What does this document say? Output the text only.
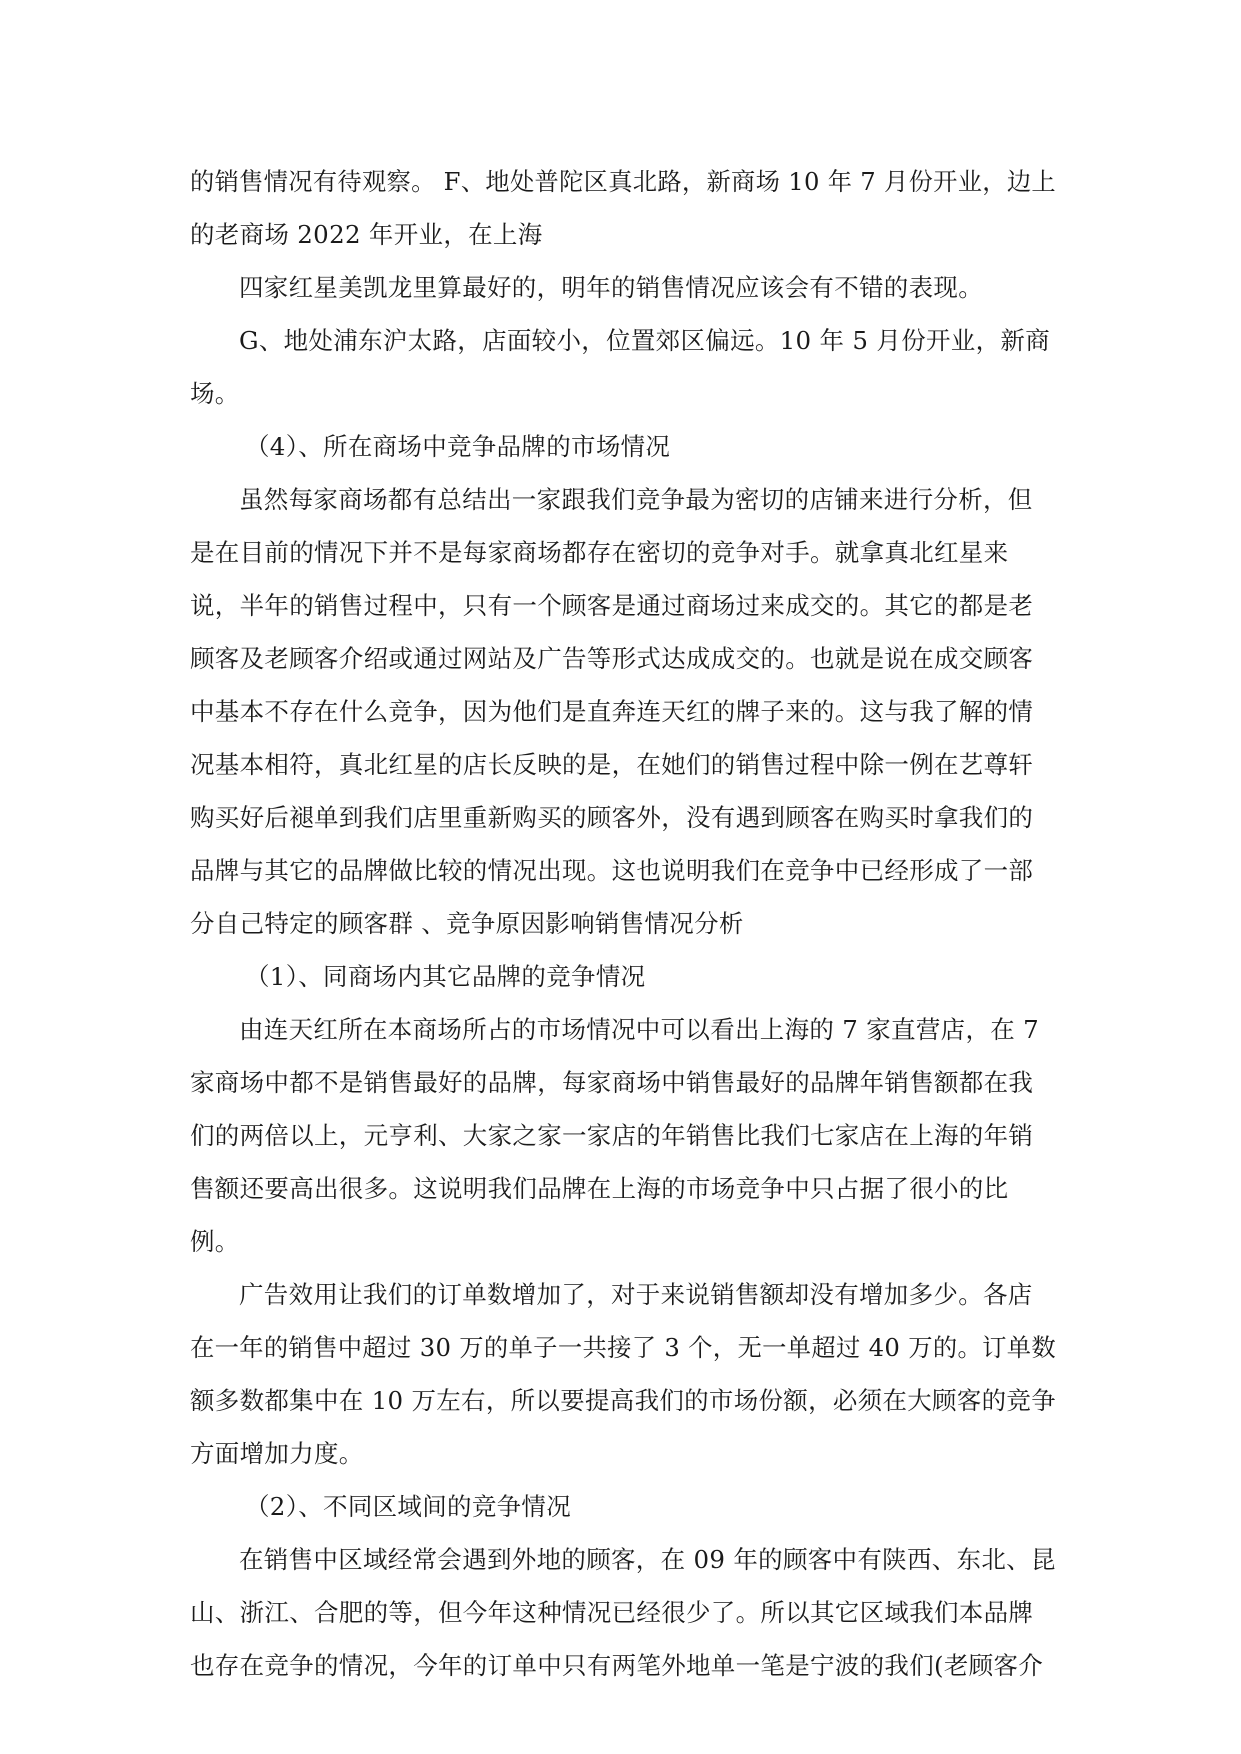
的销售情况有待观察。 F、地处普陀区真北路，新商场 10 年 7 月份开业，边上
的老商场 2022 年开业，在上海
四家红星美凯龙里算最好的，明年的销售情况应该会有不错的表现。
G、地处浦东沪太路，店面较小，位置郊区偏远。10 年 5 月份开业，新商
场。
（4）、所在商场中竞争品牌的市场情况
虽然每家商场都有总结出一家跟我们竞争最为密切的店铺来进行分析，但
是在目前的情况下并不是每家商场都存在密切的竞争对手。就拿真北红星来
说，半年的销售过程中，只有一个顾客是通过商场过来成交的。其它的都是老
顾客及老顾客介绍或通过网站及广告等形式达成成交的。也就是说在成交顾客
中基本不存在什么竞争，因为他们是直奔连天红的牌子来的。这与我了解的情
况基本相符，真北红星的店长反映的是，在她们的销售过程中除一例在艺尊轩
购买好后褪单到我们店里重新购买的顾客外，没有遇到顾客在购买时拿我们的
品牌与其它的品牌做比较的情况出现。这也说明我们在竞争中已经形成了一部
分自己特定的顾客群 、竞争原因影响销售情况分析
（1）、同商场内其它品牌的竞争情况
由连天红所在本商场所占的市场情况中可以看出上海的 7 家直营店，在 7
家商场中都不是销售最好的品牌，每家商场中销售最好的品牌年销售额都在我
们的两倍以上，元亨利、大家之家一家店的年销售比我们七家店在上海的年销
售额还要高出很多。这说明我们品牌在上海的市场竞争中只占据了很小的比
例。
广告效用让我们的订单数增加了，对于来说销售额却没有增加多少。各店
在一年的销售中超过 30 万的单子一共接了 3 个，无一单超过 40 万的。订单数
额多数都集中在 10 万左右，所以要提高我们的市场份额，必须在大顾客的竞争
方面增加力度。
（2）、不同区域间的竞争情况
在销售中区域经常会遇到外地的顾客，在 09 年的顾客中有陕西、东北、昆
山、浙江、合肥的等，但今年这种情况已经很少了。所以其它区域我们本品牌
也存在竞争的情况，今年的订单中只有两笔外地单一笔是宁波的我们(老顾客介
